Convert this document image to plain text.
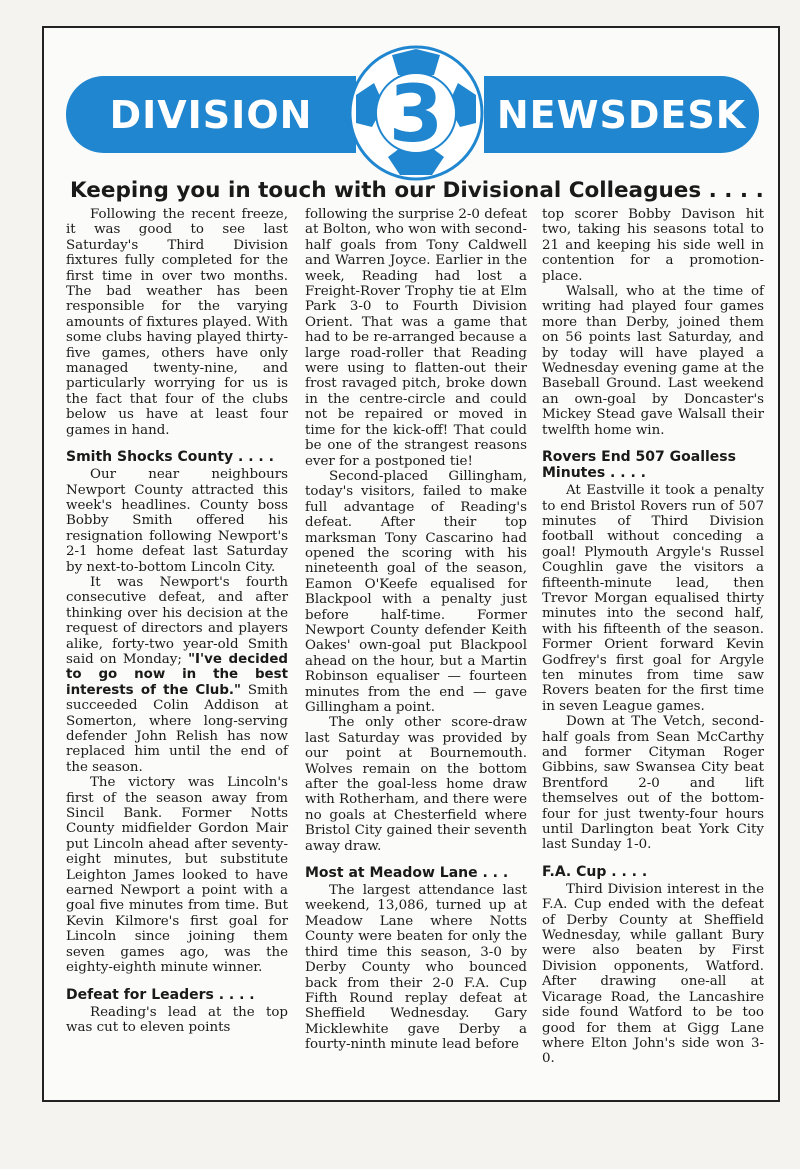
DIVISION	NEWSDESK
3
Keeping you in touch with our Divisional Colleagues . . . .

Following the recent freeze, it was good to see last Saturday's Third Division fixtures fully completed for the first time in over two months. The bad weather has been responsible for the varying amounts of fixtures played. With some clubs having played thirty-five games, others have only managed twenty-nine, and particularly worrying for us is the fact that four of the clubs below us have at least four games in hand.

Smith Shocks County . . . .

Our near neighbours Newport County attracted this week's headlines. County boss Bobby Smith offered his resignation following Newport's 2-1 home defeat last Saturday by next-to-bottom Lincoln City.

It was Newport's fourth consecutive defeat, and after thinking over his decision at the request of directors and players alike, forty-two year-old Smith said on Monday; "I've decided to go now in the best interests of the Club." Smith succeeded Colin Addison at Somerton, where long-serving defender John Relish has now replaced him until the end of the season.

The victory was Lincoln's first of the season away from Sincil Bank. Former Notts County midfielder Gordon Mair put Lincoln ahead after seventy-eight minutes, but substitute Leighton James looked to have earned Newport a point with a goal five minutes from time. But Kevin Kilmore's first goal for Lincoln since joining them seven games ago, was the eighty-eighth minute winner.

Defeat for Leaders . . . .

Reading's lead at the top was cut to eleven points

following the surprise 2-0 defeat at Bolton, who won with second-half goals from Tony Caldwell and Warren Joyce. Earlier in the week, Reading had lost a Freight-Rover Trophy tie at Elm Park 3-0 to Fourth Division Orient. That was a game that had to be re-arranged because a large road-roller that Reading were using to flatten-out their frost ravaged pitch, broke down in the centre-circle and could not be repaired or moved in time for the kick-off! That could be one of the strangest reasons ever for a postponed tie!

Second-placed Gillingham, today's visitors, failed to make full advantage of Reading's defeat. After their top marksman Tony Cascarino had opened the scoring with his nineteenth goal of the season, Eamon O'Keefe equalised for Blackpool with a penalty just before half-time. Former Newport County defender Keith Oakes' own-goal put Blackpool ahead on the hour, but a Martin Robinson equaliser — fourteen minutes from the end — gave Gillingham a point.

The only other score-draw last Saturday was provided by our point at Bournemouth. Wolves remain on the bottom after the goal-less home draw with Rotherham, and there were no goals at Chesterfield where Bristol City gained their seventh away draw.

Most at Meadow Lane . . .

The largest attendance last weekend, 13,086, turned up at Meadow Lane where Notts County were beaten for only the third time this season, 3-0 by Derby County who bounced back from their 2-0 F.A. Cup Fifth Round replay defeat at Sheffield Wednesday. Gary Micklewhite gave Derby a fourty-ninth minute lead before

top scorer Bobby Davison hit two, taking his seasons total to 21 and keeping his side well in contention for a promotion-place.

Walsall, who at the time of writing had played four games more than Derby, joined them on 56 points last Saturday, and by today will have played a Wednesday evening game at the Baseball Ground. Last weekend an own-goal by Doncaster's Mickey Stead gave Walsall their twelfth home win.

Rovers End 507 Goalless Minutes . . . .

At Eastville it took a penalty to end Bristol Rovers run of 507 minutes of Third Division football without conceding a goal! Plymouth Argyle's Russel Coughlin gave the visitors a fifteenth-minute lead, then Trevor Morgan equalised thirty minutes into the second half, with his fifteenth of the season. Former Orient forward Kevin Godfrey's first goal for Argyle ten minutes from time saw Rovers beaten for the first time in seven League games.

Down at The Vetch, second-half goals from Sean McCarthy and former Cityman Roger Gibbins, saw Swansea City beat Brentford 2-0 and lift themselves out of the bottom-four for just twenty-four hours until Darlington beat York City last Sunday 1-0.

F.A. Cup . . . .

Third Division interest in the F.A. Cup ended with the defeat of Derby County at Sheffield Wednesday, while gallant Bury were also beaten by First Division opponents, Watford. After drawing one-all at Vicarage Road, the Lancashire side found Watford to be too good for them at Gigg Lane where Elton John's side won 3-0.
